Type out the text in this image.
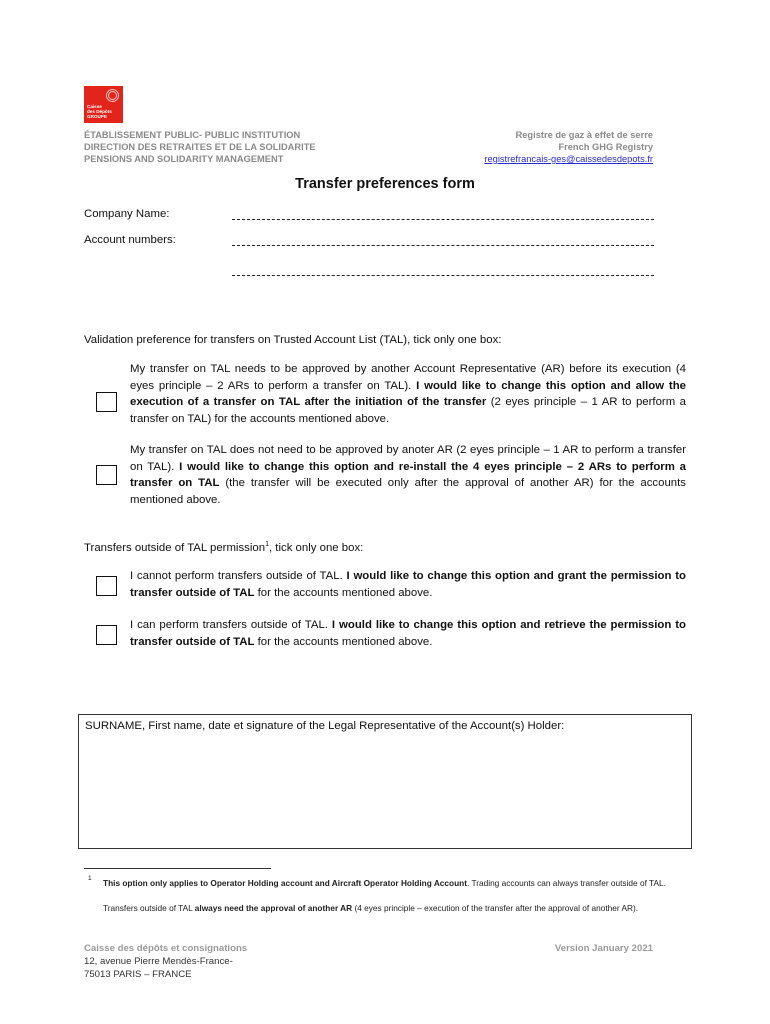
Caisse
des Dépôts
GROUPE
ÉTABLISSEMENT PUBLIC- PUBLIC INSTITUTION
DIRECTION DES RETRAITES ET DE LA SOLIDARITE
PENSIONS AND SOLIDARITY MANAGEMENT
Registre de gaz à effet de serre
French GHG Registry
registrefrancais-ges@caissedesdepots.fr
Transfer preferences form
Company Name:
Account numbers:
Validation preference for transfers on Trusted Account List (TAL), tick only one box:
My transfer on TAL needs to be approved by another Account Representative (AR) before its execution (4 eyes principle – 2 ARs to perform a transfer on TAL). I would like to change this option and allow the execution of a transfer on TAL after the initiation of the transfer (2 eyes principle – 1 AR to perform a transfer on TAL) for the accounts mentioned above.
My transfer on TAL does not need to be approved by anoter AR (2 eyes principle – 1 AR to perform a transfer on TAL). I would like to change this option and re-install the 4 eyes principle – 2 ARs to perform a transfer on TAL (the transfer will be executed only after the approval of another AR) for the accounts mentioned above.
Transfers outside of TAL permission$^1$, tick only one box:
I cannot perform transfers outside of TAL. I would like to change this option and grant the permission to transfer outside of TAL for the accounts mentioned above.
I can perform transfers outside of TAL. I would like to change this option and retrieve the permission to transfer outside of TAL for the accounts mentioned above.
SURNAME, First name, date et signature of the Legal Representative of the Account(s) Holder:
1 This option only applies to Operator Holding account and Aircraft Operator Holding Account. Trading accounts can always transfer outside of TAL.
Transfers outside of TAL always need the approval of another AR (4 eyes principle – execution of the transfer after the approval of another AR).
Caisse des dépôts et consignations
12, avenue Pierre Mendès-France-
75013 PARIS – FRANCE
Version January 2021
